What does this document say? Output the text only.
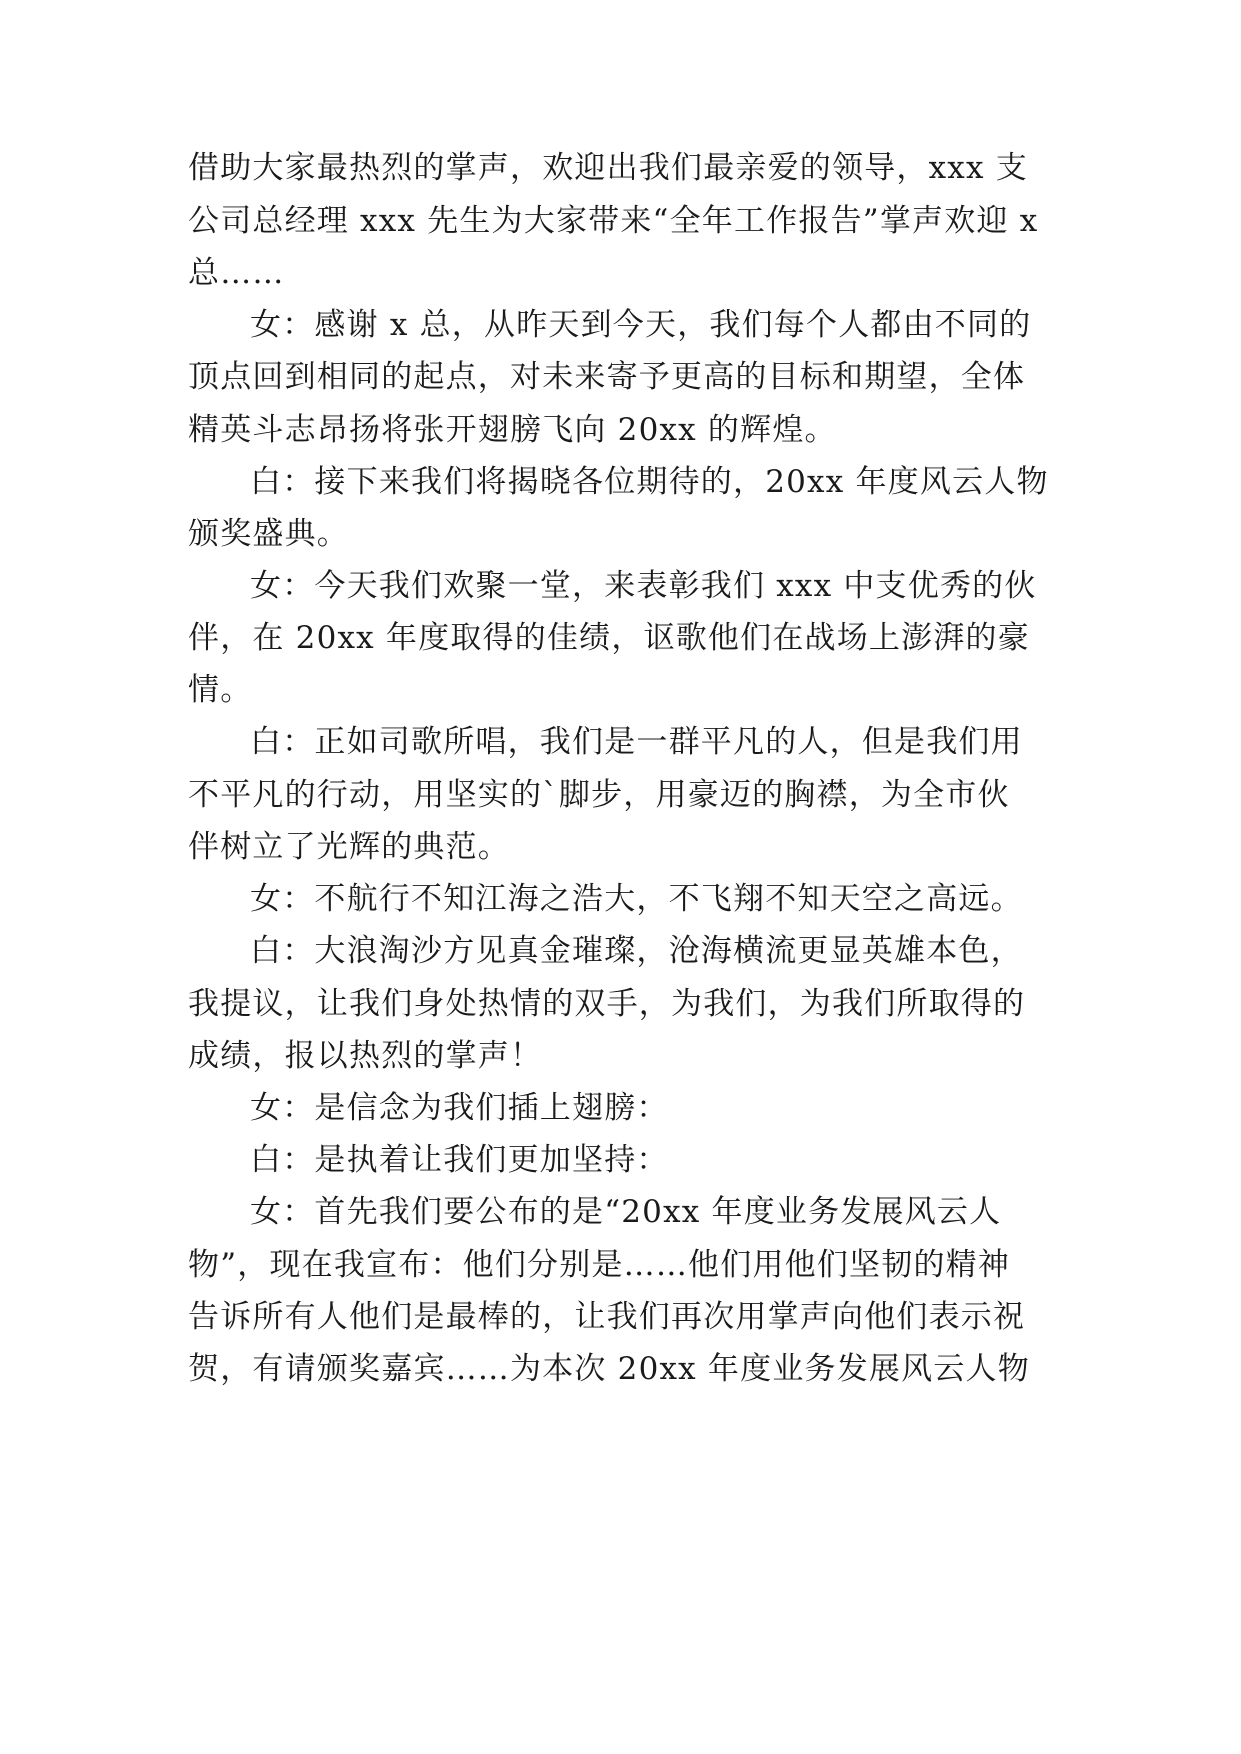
借助大家最热烈的掌声，欢迎出我们最亲爱的领导，xxx 支
公司总经理 xxx 先生为大家带来“全年工作报告”掌声欢迎 x
总……
女：感谢 x 总，从昨天到今天，我们每个人都由不同的
顶点回到相同的起点，对未来寄予更高的目标和期望，全体
精英斗志昂扬将张开翅膀飞向 20xx 的辉煌。
白：接下来我们将揭晓各位期待的，20xx 年度风云人物
颁奖盛典。
女：今天我们欢聚一堂，来表彰我们 xxx 中支优秀的伙
伴，在 20xx 年度取得的佳绩，讴歌他们在战场上澎湃的豪
情。
白：正如司歌所唱，我们是一群平凡的人，但是我们用
不平凡的行动，用坚实的`脚步，用豪迈的胸襟，为全市伙
伴树立了光辉的典范。
女：不航行不知江海之浩大，不飞翔不知天空之高远。
白：大浪淘沙方见真金璀璨，沧海横流更显英雄本色，
我提议，让我们身处热情的双手，为我们，为我们所取得的
成绩，报以热烈的掌声！
女：是信念为我们插上翅膀：
白：是执着让我们更加坚持：
女：首先我们要公布的是“20xx 年度业务发展风云人
物”，现在我宣布：他们分别是……他们用他们坚韧的精神
告诉所有人他们是最棒的，让我们再次用掌声向他们表示祝
贺，有请颁奖嘉宾……为本次 20xx 年度业务发展风云人物
